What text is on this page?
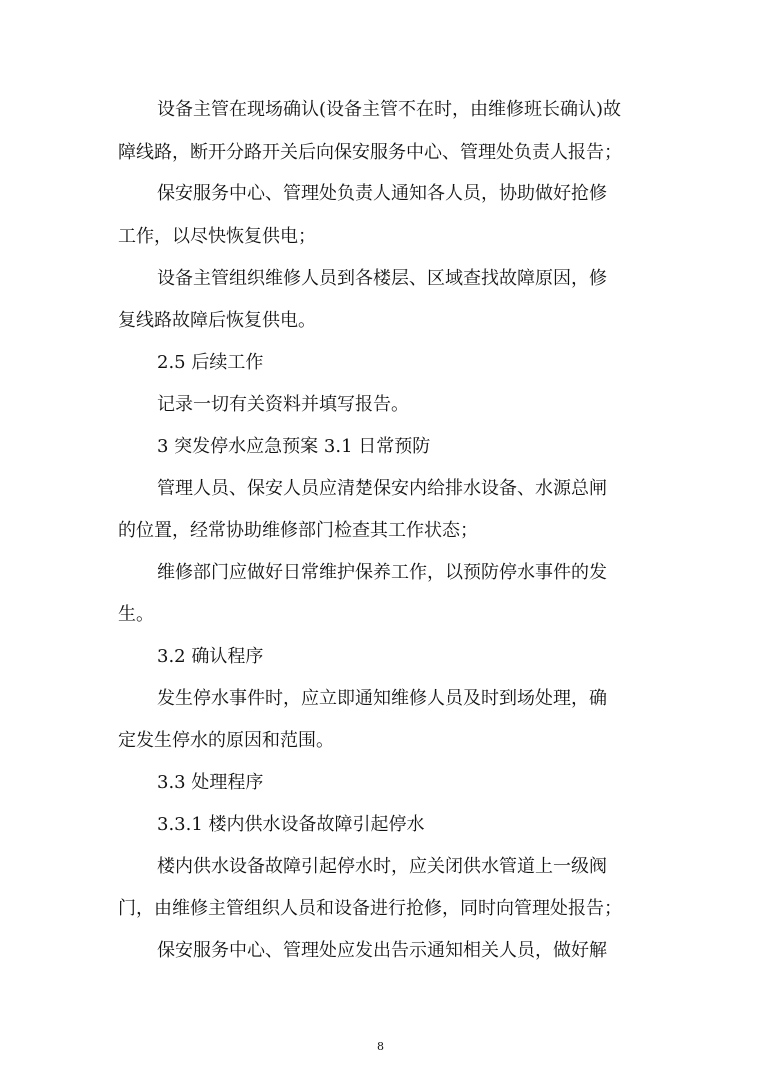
设备主管在现场确认(设备主管不在时，由维修班长确认)故

障线路，断开分路开关后向保安服务中心、管理处负责人报告；

保安服务中心、管理处负责人通知各人员，协助做好抢修

工作，以尽快恢复供电；

设备主管组织维修人员到各楼层、区域查找故障原因，修

复线路故障后恢复供电。

2.5 后续工作

记录一切有关资料并填写报告。

3 突发停水应急预案 3.1 日常预防

管理人员、保安人员应清楚保安内给排水设备、水源总闸

的位置，经常协助维修部门检查其工作状态；

维修部门应做好日常维护保养工作，以预防停水事件的发

生。

3.2 确认程序

发生停水事件时，应立即通知维修人员及时到场处理，确

定发生停水的原因和范围。

3.3 处理程序

3.3.1 楼内供水设备故障引起停水

楼内供水设备故障引起停水时，应关闭供水管道上一级阀

门，由维修主管组织人员和设备进行抢修，同时向管理处报告；

保安服务中心、管理处应发出告示通知相关人员，做好解

8
